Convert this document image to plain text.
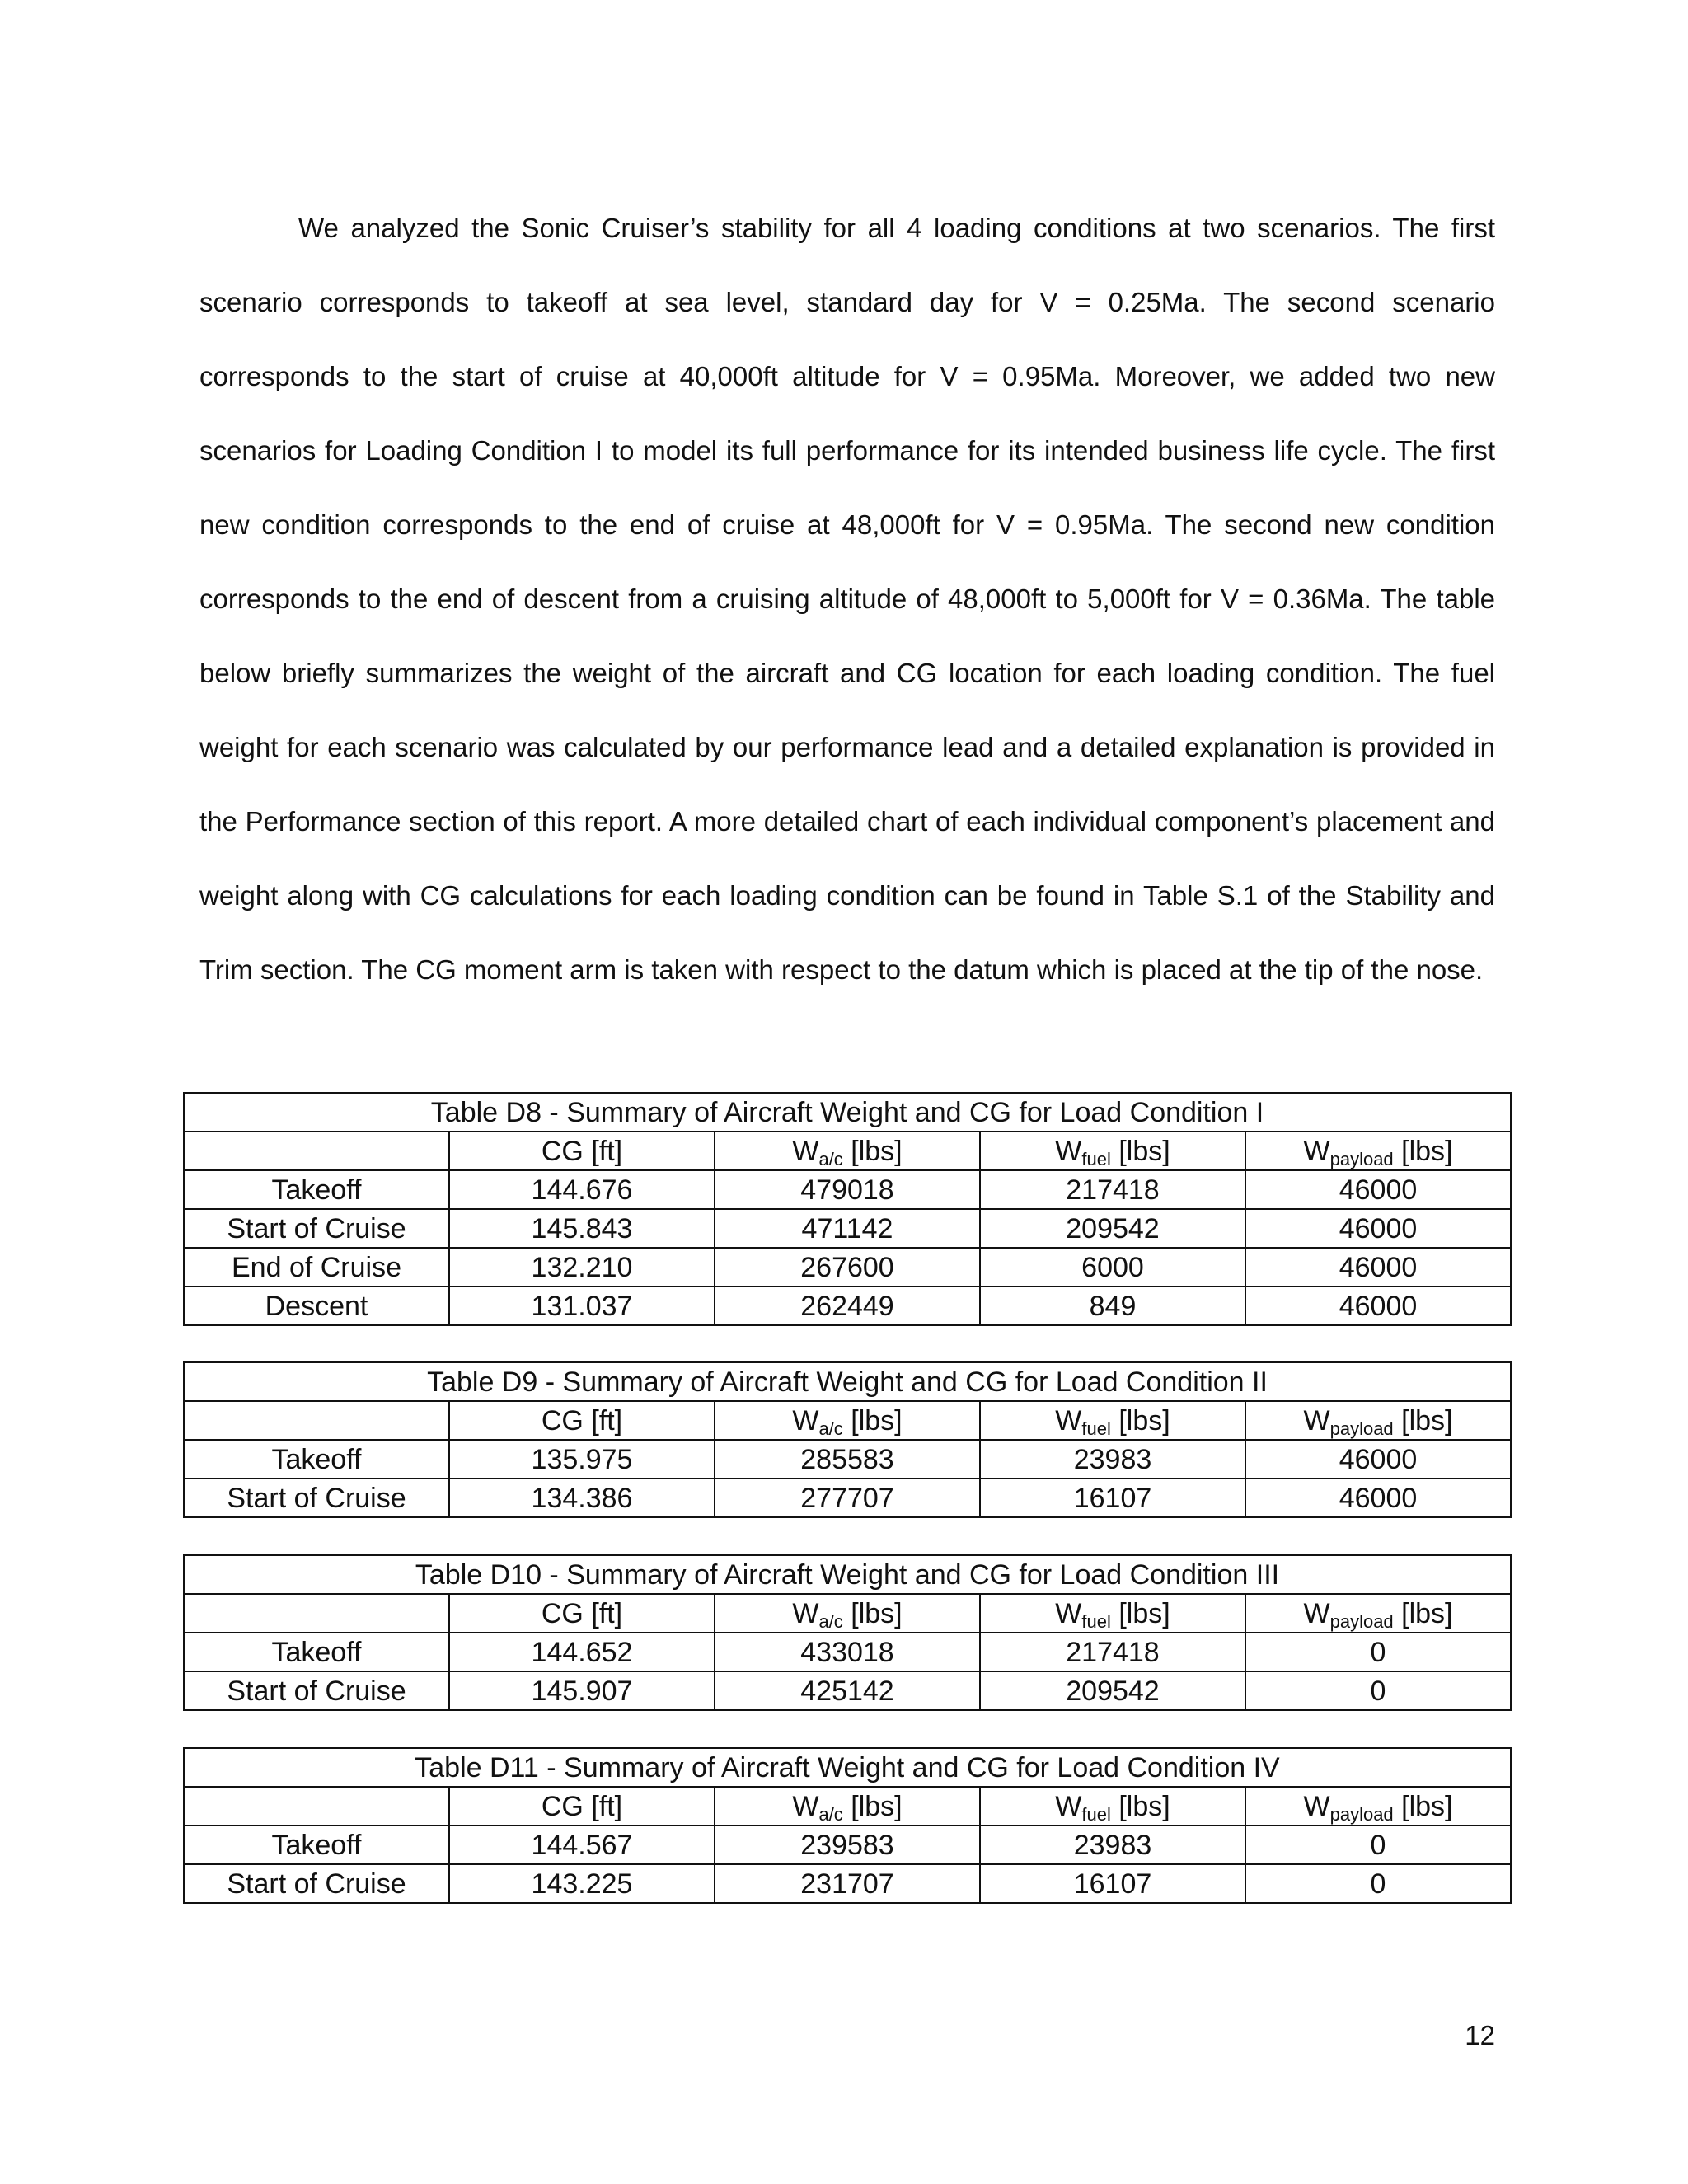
We analyzed the Sonic Cruiser’s stability for all 4 loading conditions at two scenarios. The first scenario corresponds to takeoff at sea level, standard day for V = 0.25Ma. The second scenario corresponds to the start of cruise at 40,000ft altitude for V = 0.95Ma. Moreover, we added two new scenarios for Loading Condition I to model its full performance for its intended business life cycle. The first new condition corresponds to the end of cruise at 48,000ft for V = 0.95Ma. The second new condition corresponds to the end of descent from a cruising altitude of 48,000ft to 5,000ft for V = 0.36Ma. The table below briefly summarizes the weight of the aircraft and CG location for each loading condition. The fuel weight for each scenario was calculated by our performance lead and a detailed explanation is provided in the Performance section of this report. A more detailed chart of each individual component’s placement and weight along with CG calculations for each loading condition can be found in Table S.1 of the Stability and Trim section. The CG moment arm is taken with respect to the datum which is placed at the tip of the nose.

Table D8 - Summary of Aircraft Weight and CG for Load Condition I				
	CG [ft]	$W_{a/c}$ [lbs]	$W_{fuel}$ [lbs]	$W_{payload}$ [lbs]
Takeoff	144.676	479018	217418	46000
Start of Cruise	145.843	471142	209542	46000
End of Cruise	132.210	267600	6000	46000
Descent	131.037	262449	849	46000
Table D9 - Summary of Aircraft Weight and CG for Load Condition II				
	CG [ft]	$W_{a/c}$ [lbs]	$W_{fuel}$ [lbs]	$W_{payload}$ [lbs]
Takeoff	135.975	285583	23983	46000
Start of Cruise	134.386	277707	16107	46000
Table D10 - Summary of Aircraft Weight and CG for Load Condition III				
	CG [ft]	$W_{a/c}$ [lbs]	$W_{fuel}$ [lbs]	$W_{payload}$ [lbs]
Takeoff	144.652	433018	217418	0
Start of Cruise	145.907	425142	209542	0
Table D11 - Summary of Aircraft Weight and CG for Load Condition IV				
	CG [ft]	$W_{a/c}$ [lbs]	$W_{fuel}$ [lbs]	$W_{payload}$ [lbs]
Takeoff	144.567	239583	23983	0
Start of Cruise	143.225	231707	16107	0
12
